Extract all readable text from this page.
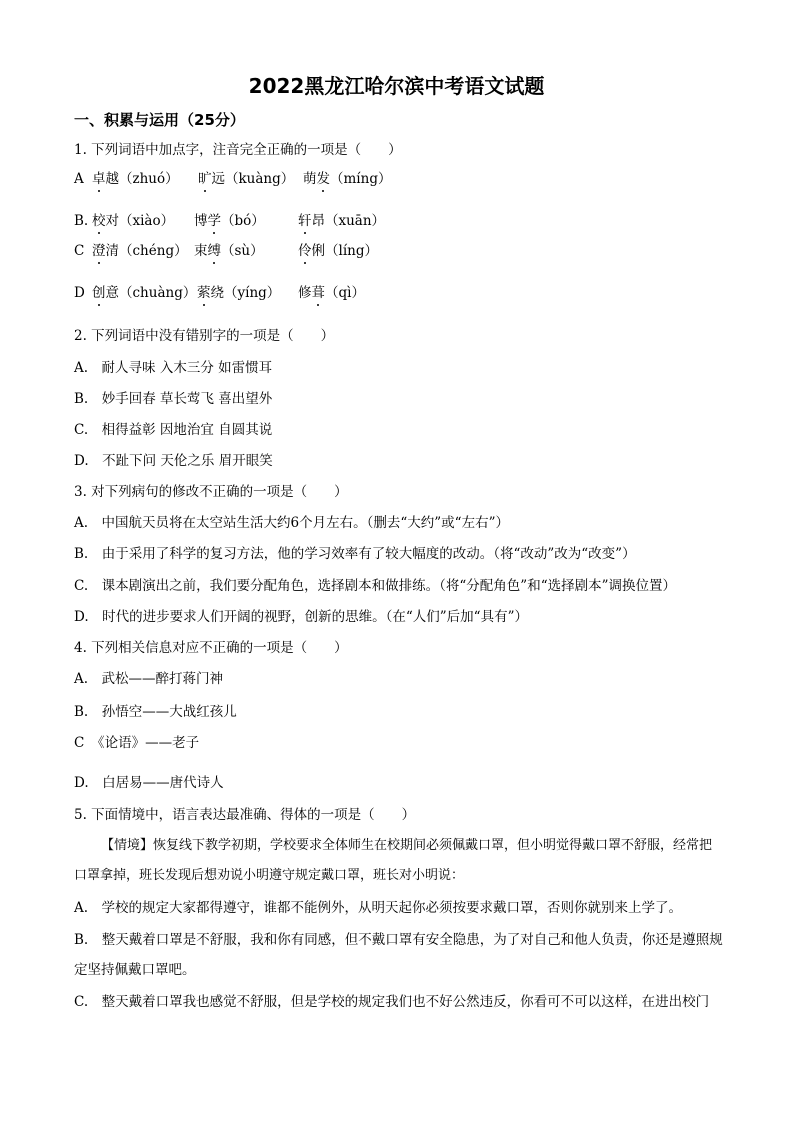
2022黑龙江哈尔滨中考语文试题
一、积累与运用（25分）
1. 下列词语中加点字，注音完全正确的一项是（　　）
A 卓越（zhuó） 旷远（kuàng） 萌发（míng）
B. 校对（xiào） 博学（bó） 轩昂（xuān）
C 澄清（chéng） 束缚（sù）	伶俐（líng）
D 创意（chuàng） 萦绕（yíng） 修葺（qì）
2. 下列词语中没有错别字的一项是（　　）
A.　耐人寻味 入木三分 如雷惯耳
B.　妙手回春 草长莺飞 喜出望外
C.　相得益彰 因地治宜 自圆其说
D.　不趾下问 天伦之乐 眉开眼笑
3. 对下列病句的修改不正确的一项是（　　）
A.　中国航天员将在太空站生活大约6个月左右。（删去“大约”或“左右”）
B.　由于采用了科学的复习方法，他的学习效率有了较大幅度的改动。（将“改动”改为“改变”）
C.　课本剧演出之前，我们要分配角色，选择剧本和做排练。（将“分配角色”和“选择剧本”调换位置）
D.　时代的进步要求人们开阔的视野，创新的思维。（在“人们”后加“具有”）
4. 下列相关信息对应不正确的一项是（　　）
A.　武松——醉打蒋门神
B.　孙悟空——大战红孩儿
C　《论语》——老子
D.　白居易——唐代诗人
5. 下面情境中，语言表达最准确、得体的一项是（　　）
【情境】恢复线下教学初期，学校要求全体师生在校期间必须佩戴口罩，但小明觉得戴口罩不舒服，经常把口罩拿掉，班长发现后想劝说小明遵守规定戴口罩，班长对小明说：
A.　学校的规定大家都得遵守，谁都不能例外，从明天起你必须按要求戴口罩，否则你就别来上学了。
B.　整天戴着口罩是不舒服，我和你有同感，但不戴口罩有安全隐患，为了对自己和他人负责，你还是遵照规定坚持佩戴口罩吧。
C.　整天戴着口罩我也感觉不舒服，但是学校的规定我们也不好公然违反，你看可不可以这样，在进出校门
